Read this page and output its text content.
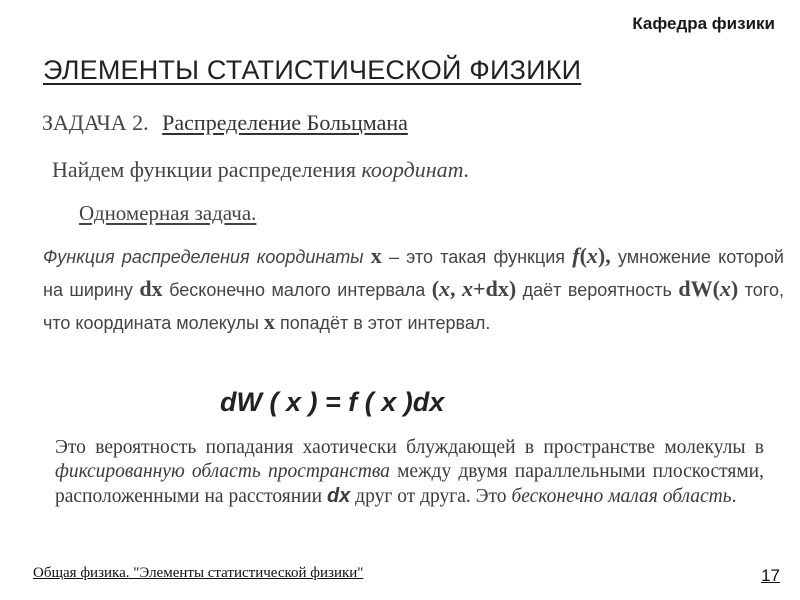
Кафедра физики
ЭЛЕМЕНТЫ СТАТИСТИЧЕСКОЙ ФИЗИКИ
ЗАДАЧА 2. Распределение Больцмана
Найдем функции распределения координат.
Одномерная задача.
Функция распределения координаты x – это такая функция f(x), умножение которой на ширину dx бесконечно малого интервала (x, x+dx) даёт вероятность dW(x) того, что координата молекулы x попадёт в этот интервал.
dW ( x ) = f ( x )dx
Это вероятность попадания хаотически блуждающей в пространстве молекулы в фиксированную область пространства между двумя параллельными плоскостями, расположенными на расстоянии dx друг от друга. Это бесконечно малая область.
Общая физика. "Элементы статистической физики"	17
